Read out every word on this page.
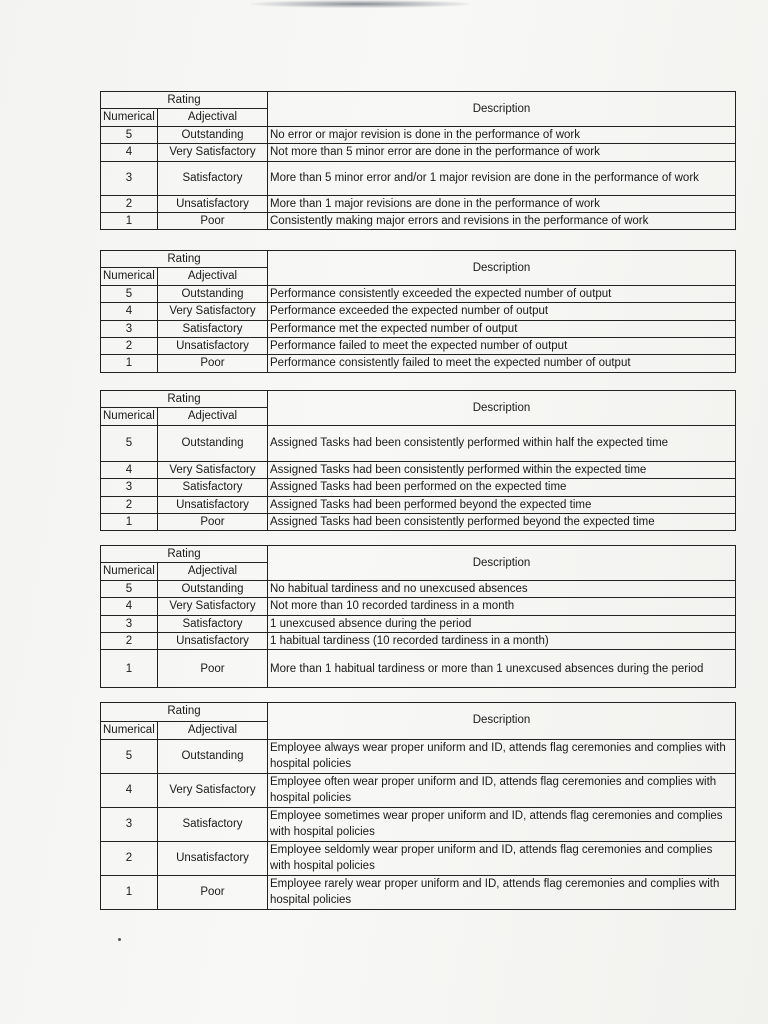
Rating		Description
Numerical	Adjectival	
5	Outstanding	No error or major revision is done in the performance of work
4	Very Satisfactory	Not more than 5 minor error are done in the performance of work
3	Satisfactory	More than 5 minor error and/or 1 major revision are done in the performance of work
2	Unsatisfactory	More than 1 major revisions are done in the performance of work
1	Poor	Consistently making major errors and revisions in the performance of work
Rating		Description
Numerical	Adjectival	
5	Outstanding	Performance consistently exceeded the expected number of output
4	Very Satisfactory	Performance exceeded the expected number of output
3	Satisfactory	Performance met the expected number of output
2	Unsatisfactory	Performance failed to meet the expected number of output
1	Poor	Performance consistently failed to meet the expected number of output
Rating		Description
Numerical	Adjectival	
5	Outstanding	Assigned Tasks had been consistently performed within half the expected time
4	Very Satisfactory	Assigned Tasks had been consistently performed within the expected time
3	Satisfactory	Assigned Tasks had been performed on the expected time
2	Unsatisfactory	Assigned Tasks had been performed beyond the expected time
1	Poor	Assigned Tasks had been consistently performed beyond the expected time
Rating		Description
Numerical	Adjectival	
5	Outstanding	No habitual tardiness and no unexcused absences
4	Very Satisfactory	Not more than 10 recorded tardiness in a month
3	Satisfactory	1 unexcused absence during the period
2	Unsatisfactory	1 habitual tardiness (10 recorded tardiness in a month)
1	Poor	More than 1 habitual tardiness or more than 1 unexcused absences during the period
Rating		Description
Numerical	Adjectival	
5	Outstanding	Employee always wear proper uniform and ID, attends flag ceremonies and complies with hospital policies
4	Very Satisfactory	Employee often wear proper uniform and ID, attends flag ceremonies and complies with hospital policies
3	Satisfactory	Employee sometimes wear proper uniform and ID, attends flag ceremonies and complies with hospital policies
2	Unsatisfactory	Employee seldomly wear proper uniform and ID, attends flag ceremonies and complies with hospital policies
1	Poor	Employee rarely wear proper uniform and ID, attends flag ceremonies and complies with hospital policies
